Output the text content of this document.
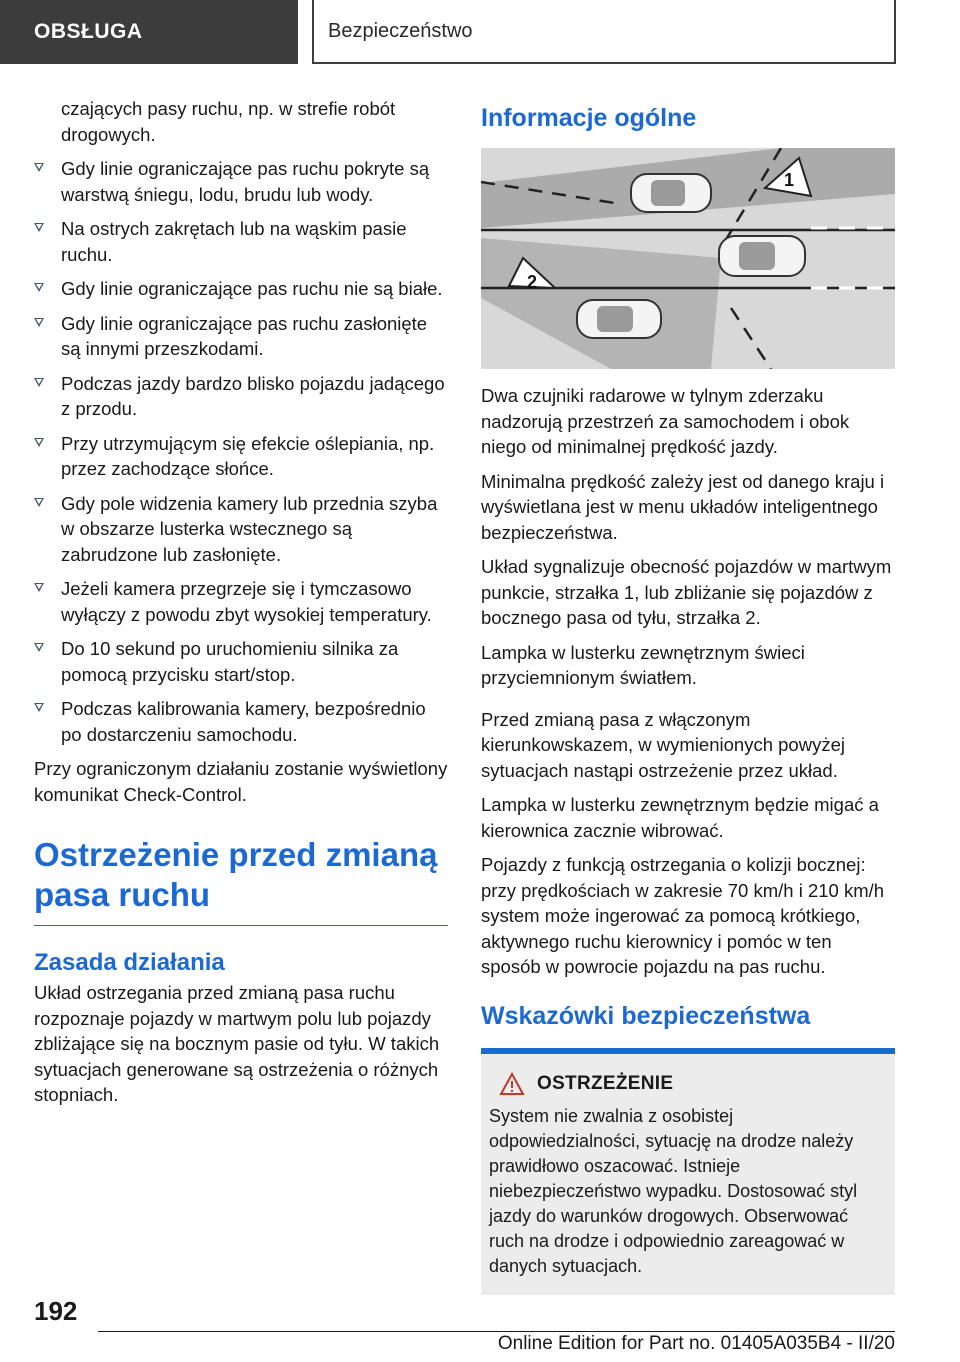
OBSŁUGA	Bezpieczeństwo

czających pasy ruchu, np. w strefie robót drogowych.

Gdy linie ograniczające pas ruchu pokryte są warstwą śniegu, lodu, brudu lub wody.
Na ostrych zakrętach lub na wąskim pasie ruchu.
Gdy linie ograniczające pas ruchu nie są białe.
Gdy linie ograniczające pas ruchu zasłonięte są innymi przeszkodami.
Podczas jazdy bardzo blisko pojazdu jadącego z przodu.
Przy utrzymującym się efekcie oślepiania, np. przez zachodzące słońce.
Gdy pole widzenia kamery lub przednia szyba w obszarze lusterka wstecznego są zabrudzone lub zasłonięte.
Jeżeli kamera przegrzeje się i tymczasowo wyłączy z powodu zbyt wysokiej temperatury.
Do 10 sekund po uruchomieniu silnika za pomocą przycisku start/stop.
Podczas kalibrowania kamery, bezpośrednio po dostarczeniu samochodu.

Przy ograniczonym działaniu zostanie wyświetlony komunikat Check-Control.

Ostrzeżenie przed zmianą pasa ruchu
Zasada działania

Układ ostrzegania przed zmianą pasa ruchu rozpoznaje pojazdy w martwym polu lub pojazdy zbliżające się na bocznym pasie od tyłu. W takich sytuacjach generowane są ostrzeżenia o różnych stopniach.

Informacje ogólne
1
2

Dwa czujniki radarowe w tylnym zderzaku nadzorują przestrzeń za samochodem i obok niego od minimalnej prędkość jazdy.

Minimalna prędkość zależy jest od danego kraju i wyświetlana jest w menu układów inteligentnego bezpieczeństwa.

Układ sygnalizuje obecność pojazdów w martwym punkcie, strzałka 1, lub zbliżanie się pojazdów z bocznego pasa od tyłu, strzałka 2.

Lampka w lusterku zewnętrznym świeci przyciemnionym światłem.

Przed zmianą pasa z włączonym kierunkowskazem, w wymienionych powyżej sytuacjach nastąpi ostrzeżenie przez układ.

Lampka w lusterku zewnętrznym będzie migać a kierownica zacznie wibrować.

Pojazdy z funkcją ostrzegania o kolizji bocznej: przy prędkościach w zakresie 70 km/h i 210 km/h system może ingerować za pomocą krótkiego, aktywnego ruchu kierownicy i pomóc w ten sposób w powrocie pojazdu na pas ruchu.

Wskazówki bezpieczeństwa
OSTRZEŻENIE

System nie zwalnia z osobistej odpowiedzialności, sytuację na drodze należy prawidłowo oszacować. Istnieje niebezpieczeństwo wypadku. Dostosować styl jazdy do warunków drogowych. Obserwować ruch na drodze i odpowiednio zareagować w danych sytuacjach.

192
Online Edition for Part no. 01405A035B4 - II/20
